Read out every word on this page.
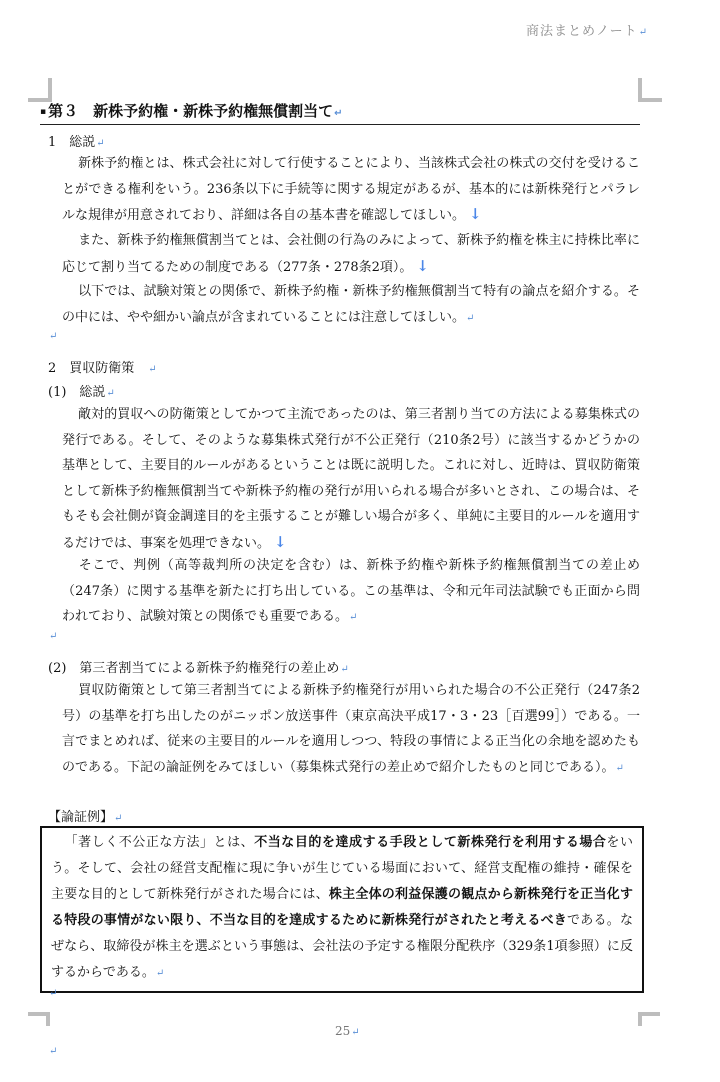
商法まとめノート↵
▪ 第３　新株予約権・新株予約権無償割当て↵
1　総説↵
新株予約権とは、株式会社に対して行使することにより、当該株式会社の株式の交付を受けることができる権利をいう。236条以下に手続等に関する規定があるが、基本的には新株発行とパラレルな規律が用意されており、詳細は各自の基本書を確認してほしい。 ↓
また、新株予約権無償割当てとは、会社側の行為のみによって、新株予約権を株主に持株比率に応じて割り当てるための制度である（277条・278条2項）。 ↓
以下では、試験対策との関係で、新株予約権・新株予約権無償割当て特有の論点を紹介する。その中には、やや細かい論点が含まれていることには注意してほしい。↵
↵
2　買収防衛策 ↵
(1)　総説↵
敵対的買収への防衛策としてかつて主流であったのは、第三者割り当ての方法による募集株式の発行である。そして、そのような募集株式発行が不公正発行（210条2号）に該当するかどうかの基準として、主要目的ルールがあるということは既に説明した。これに対し、近時は、買収防衛策として新株予約権無償割当てや新株予約権の発行が用いられる場合が多いとされ、この場合は、そもそも会社側が資金調達目的を主張することが難しい場合が多く、単純に主要目的ルールを適用するだけでは、事案を処理できない。 ↓
そこで、判例（高等裁判所の決定を含む）は、新株予約権や新株予約権無償割当ての差止め（247条）に関する基準を新たに打ち出している。この基準は、令和元年司法試験でも正面から問われており、試験対策との関係でも重要である。↵
↵
(2)　第三者割当てによる新株予約権発行の差止め↵
買収防衛策として第三者割当てによる新株予約権発行が用いられた場合の不公正発行（247条2号）の基準を打ち出したのがニッポン放送事件（東京高決平成17・3・23［百選99］）である。一言でまとめれば、従来の主要目的ルールを適用しつつ、特段の事情による正当化の余地を認めたものである。下記の論証例をみてほしい（募集株式発行の差止めで紹介したものと同じである）。↵
【論証例】↵
「著しく不公正な方法」とは、不当な目的を達成する手段として新株発行を利用する場合をいう。そして、会社の経営支配権に現に争いが生じている場面において、経営支配権の維持・確保を主要な目的として新株発行がされた場合には、株主全体の利益保護の観点から新株発行を正当化する特段の事情がない限り、不当な目的を達成するために新株発行がされたと考えるべきである。なぜなら、取締役が株主を選ぶという事態は、会社法の予定する権限分配秩序（329条1項参照）に反するからである。↵
↵
25↵
↵
